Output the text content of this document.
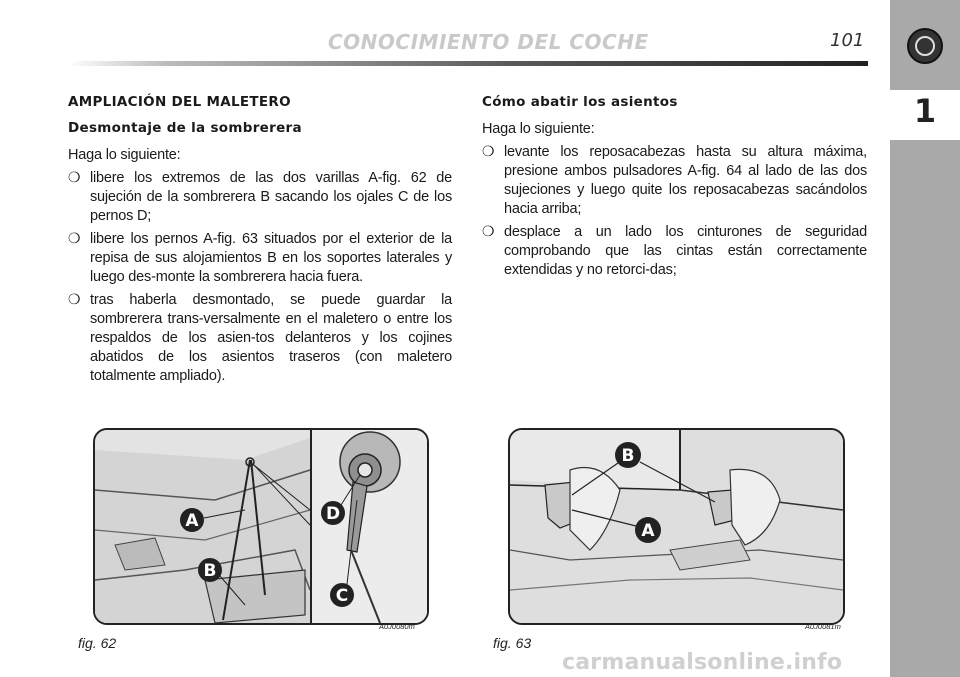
CONOCIMIENTO DEL COCHE	101
1
AMPLIACIÓN DEL MALETERO
Desmontaje de la sombrerera
Haga lo siguiente:
❍ libere los extremos de las dos varillas A-fig. 62 de sujeción de la sombrerera B sacando los ojales C de los pernos D;
❍ libere los pernos A-fig. 63 situados por el exterior de la repisa de sus alojamientos B en los soportes laterales y luego des-monte la sombrerera hacia fuera.
❍ tras haberla desmontado, se puede guardar la sombrerera trans-versalmente en el maletero o entre los respaldos de los asien-tos delanteros y los cojines abatidos de los asientos traseros (con maletero totalmente ampliado).
Cómo abatir los asientos
Haga lo siguiente:
❍ levante los reposacabezas hasta su altura máxima, presione ambos pulsadores A-fig. 64 al lado de las dos sujeciones y luego quite los reposacabezas sacándolos hacia arriba;
❍ desplace a un lado los cinturones de seguridad comprobando que las cintas están correctamente extendidas y no retorci-das;
A
B
D
C
fig. 62
A0J0080m
B
A
fig. 63
A0J0081m
carmanualsonline.info
